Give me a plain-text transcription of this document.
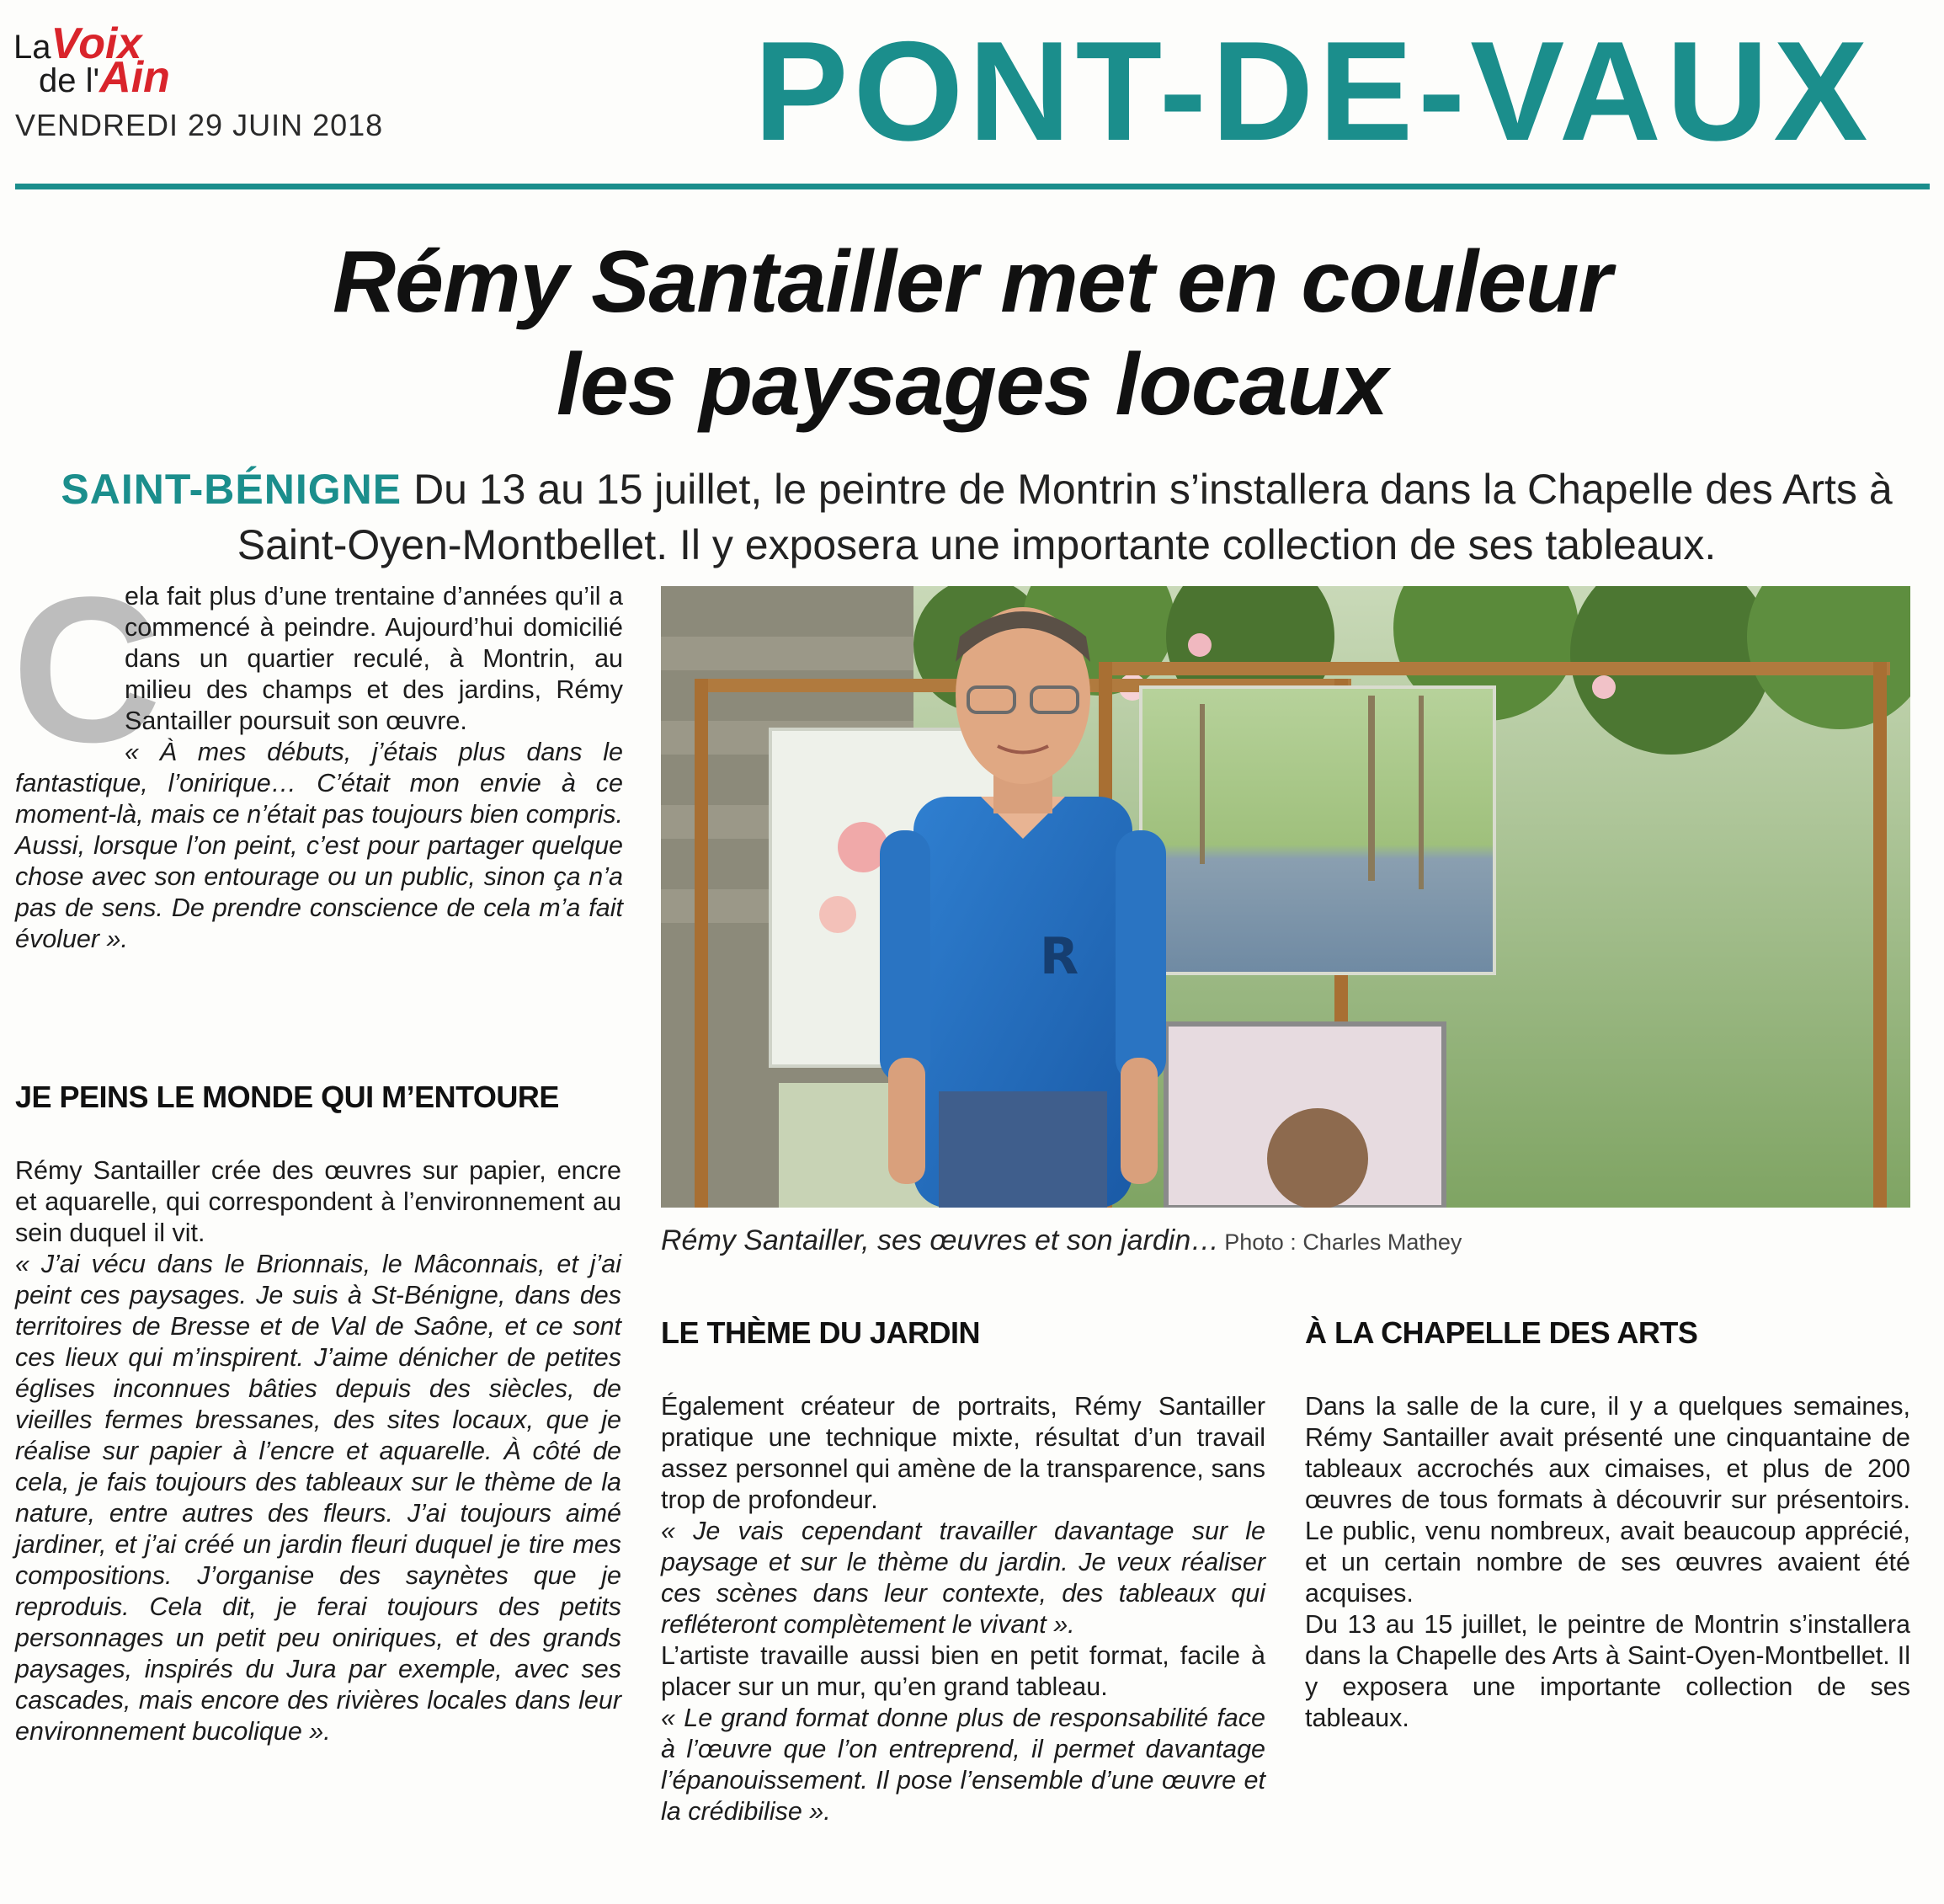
LaVoix
de l'Ain
VENDREDI 29 JUIN 2018	PONT-DE-VAUX
Rémy Santailler met en couleur
les paysages locaux
SAINT-BÉNIGNE Du 13 au 15 juillet, le peintre de Montrin s’installera dans la Chapelle des Arts à Saint-Oyen-Montbellet. Il y exposera une importante collection de ses tableaux.
C

ela fait plus d’une trentaine d’années qu’il a commencé à peindre. Aujourd’hui domicilié dans un quartier reculé, à Montrin, au milieu des champs et des jardins, Rémy Santailler poursuit son œuvre.

« À mes débuts, j’étais plus dans le fantastique, l’onirique… C’était mon envie à ce moment-là, mais ce n’était pas toujours bien compris. Aussi, lorsque l’on peint, c’est pour partager quelque chose avec son entourage ou un public, sinon ça n’a pas de sens. De prendre conscience de cela m’a fait évoluer ».

JE PEINS LE MONDE QUI M’ENTOURE

Rémy Santailler crée des œuvres sur papier, encre et aquarelle, qui correspondent à l’environnement au sein duquel il vit.

« J’ai vécu dans le Brionnais, le Mâconnais, et j’ai peint ces paysages. Je suis à St-Bénigne, dans des territoires de Bresse et de Val de Saône, et ce sont ces lieux qui m’inspirent. J’aime dénicher de petites églises inconnues bâties depuis des siècles, de vieilles fermes bressanes, des sites locaux, que je réalise sur papier à l’encre et aquarelle. À côté de cela, je fais toujours des tableaux sur le thème de la nature, entre autres des fleurs. J’ai toujours aimé jardiner, et j’ai créé un jardin fleuri duquel je tire mes compositions. J’organise des saynètes que je reproduis. Cela dit, je ferai toujours des petits personnages un petit peu oniriques, et des grands paysages, inspirés du Jura par exemple, avec ses cascades, mais encore des rivières locales dans leur environnement bucolique ».

R
Rémy Santailler, ses œuvres et son jardin… Photo : Charles Mathey
LE THÈME DU JARDIN

Également créateur de portraits, Rémy Santailler pratique une technique mixte, résultat d’un travail assez personnel qui amène de la transparence, sans trop de profondeur.

« Je vais cependant travailler davantage sur le paysage et sur le thème du jardin. Je veux réaliser ces scènes dans leur contexte, des tableaux qui refléteront complètement le vivant ».

L’artiste travaille aussi bien en petit format, facile à placer sur un mur, qu’en grand tableau.

« Le grand format donne plus de responsabilité face à l’œuvre que l’on entreprend, il permet davantage l’épanouissement. Il pose l’ensemble d’une œuvre et la crédibilise ».

À LA CHAPELLE DES ARTS

Dans la salle de la cure, il y a quelques semaines, Rémy Santailler avait présenté une cinquantaine de tableaux accrochés aux cimaises, et plus de 200 œuvres de tous formats à découvrir sur présentoirs. Le public, venu nombreux, avait beaucoup apprécié, et un certain nombre de ses œuvres avaient été acquises.

Du 13 au 15 juillet, le peintre de Montrin s’installera dans la Chapelle des Arts à Saint-Oyen-Montbellet. Il y exposera une importante collection de ses tableaux.
